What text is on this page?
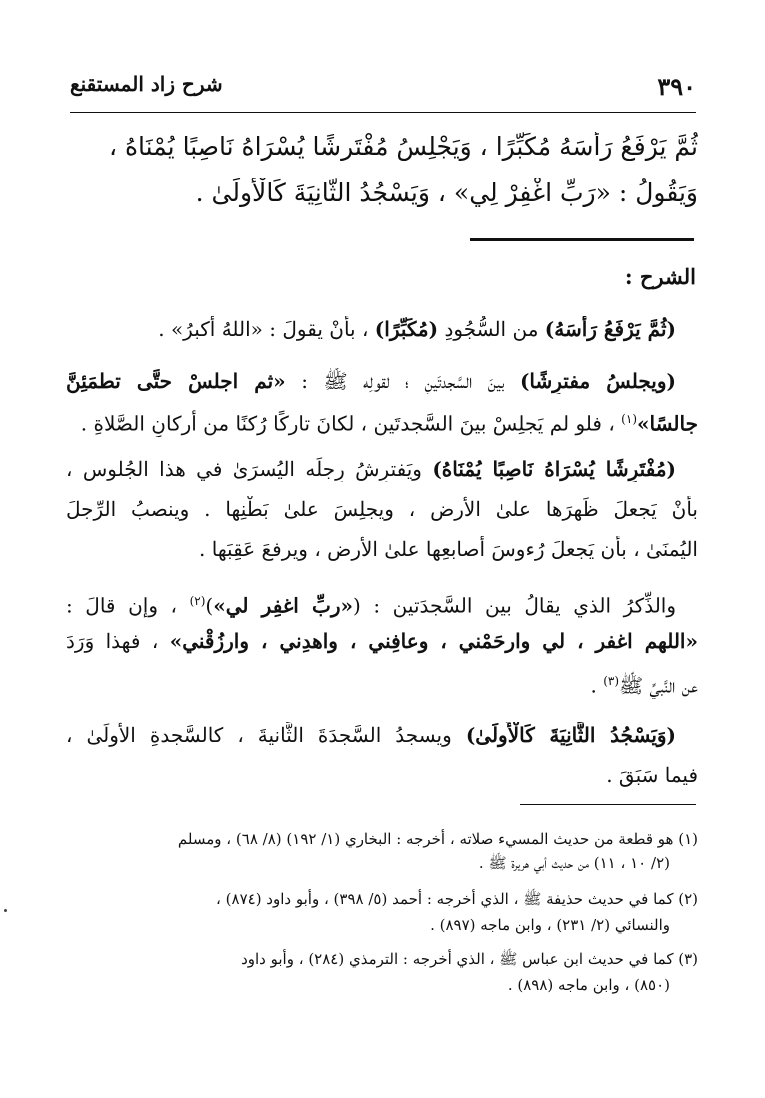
شرح زاد المستقنع	٣٩٠
ثُمَّ يَرْفَعُ رَأْسَهُ مُكَبِّرًا ، وَيَجْلِسُ مُفْتَرِشًا يُسْرَاهُ نَاصِبًا يُمْنَاهُ ،
وَيَقُولُ : «رَبِّ اغْفِرْ لِي» ، وَيَسْجُدُ الثَّانِيَةَ كَالْأُولَىٰ .
الشرح :
(ثُمَّ يَرْفَعُ رَأْسَهُ) من السُّجُودِ (مُكَبِّرًا) ، بأنْ يقولَ : «اللهُ أكبرُ» .
(ويجلسُ مفترِشًا) بينَ السَّجدتَينِ ؛ لقولِه ﷺ : «ثم اجلسْ حتَّى تطمَئِنَّ
جالسًا»$^{(١)}$ ، فلو لم يَجلِسْ بينَ السَّجدتَينِ ، لكانَ تاركًا رُكنًا من أركانِ الصَّلاةِ .
(مُفْتَرِشًا يُسْرَاهُ نَاصِبًا يُمْنَاهُ) ويَفترِشُ رِجلَه اليُسرَىٰ في هذا الجُلوسِ ،
بأنْ يَجعلَ ظَهرَها علىٰ الأرضِ ، ويجلِسَ علىٰ بَطْنِها . وينصبُ الرِّجلَ
اليُمنَىٰ ، بأن يَجعلَ رُءوسَ أصابعِها علىٰ الأرضِ ، ويرفعَ عَقِبَها .
والذِّكرُ الذي يقالُ بين السَّجدَتينِ : («ربِّ اغفِر لي»)$^{(٢)}$ ، وإن قالَ :
«اللهم اغفر ، لي وارحَمْني ، وعافِني ، واهدِني ، وارزُقْني» ، فهذا وَرَدَ
عن النَّبيِّ ﷺ$^{(٣)}$ .
(وَيَسْجُدُ الثَّانِيَةَ كَالْأُولَىٰ) ويسجدُ السَّجدَةَ الثَّانيةَ ، كالسَّجدةِ الأُولَىٰ ،
فيما سَبَقَ .
(١) هو قطعة من حديث المسيء صلاته ، أخرجه : البخاري (١/ ١٩٢) (٨/ ٦٨) ، ومسلم
(٢/ ١٠ ، ١١) من حديث أبي هريرة ﷺ .
(٢) كما في حديث حذيفة ﷺ ، الذي أخرجه : أحمد (٥/ ٣٩٨) ، وأبو داود (٨٧٤) ،
والنسائي (٢/ ٢٣١) ، وابن ماجه (٨٩٧) .
(٣) كما في حديث ابن عباس ﷺ ، الذي أخرجه : الترمذي (٢٨٤) ، وأبو داود
(٨٥٠) ، وابن ماجه (٨٩٨) .
